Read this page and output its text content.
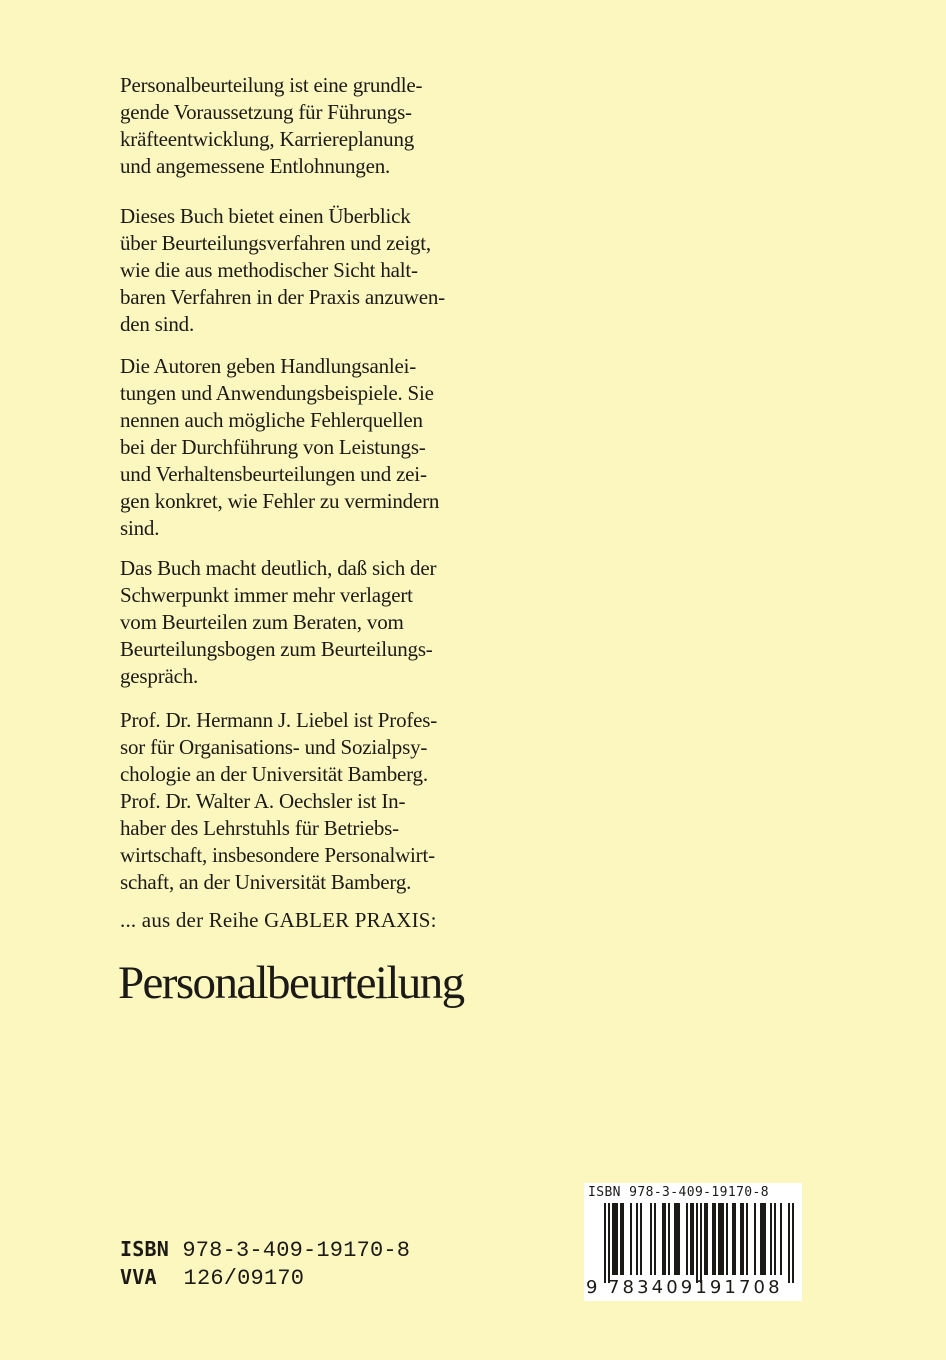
Personalbeurteilung ist eine grundle-
gende Voraussetzung für Führungs-
kräfteentwicklung, Karriereplanung
und angemessene Entlohnungen.
Dieses Buch bietet einen Überblick
über Beurteilungsverfahren und zeigt,
wie die aus methodischer Sicht halt-
baren Verfahren in der Praxis anzuwen-
den sind.
Die Autoren geben Handlungsanlei-
tungen und Anwendungsbeispiele. Sie
nennen auch mögliche Fehlerquellen
bei der Durchführung von Leistungs-
und Verhaltensbeurteilungen und zei-
gen konkret, wie Fehler zu vermindern
sind.
Das Buch macht deutlich, daß sich der
Schwerpunkt immer mehr verlagert
vom Beurteilen zum Beraten, vom
Beurteilungsbogen zum Beurteilungs-
gespräch.
Prof. Dr. Hermann J. Liebel ist Profes-
sor für Organisations- und Sozialpsy-
chologie an der Universität Bamberg.
Prof. Dr. Walter A. Oechsler ist In-
haber des Lehrstuhls für Betriebs-
wirtschaft, insbesondere Personalwirt-
schaft, an der Universität Bamberg.
... aus der Reihe GABLER PRAXIS:
Personalbeurteilung
ISBN 978-3-409-19170-8
VVA 126/09170
ISBN 978-3-409-19170-8
9 783409191708
